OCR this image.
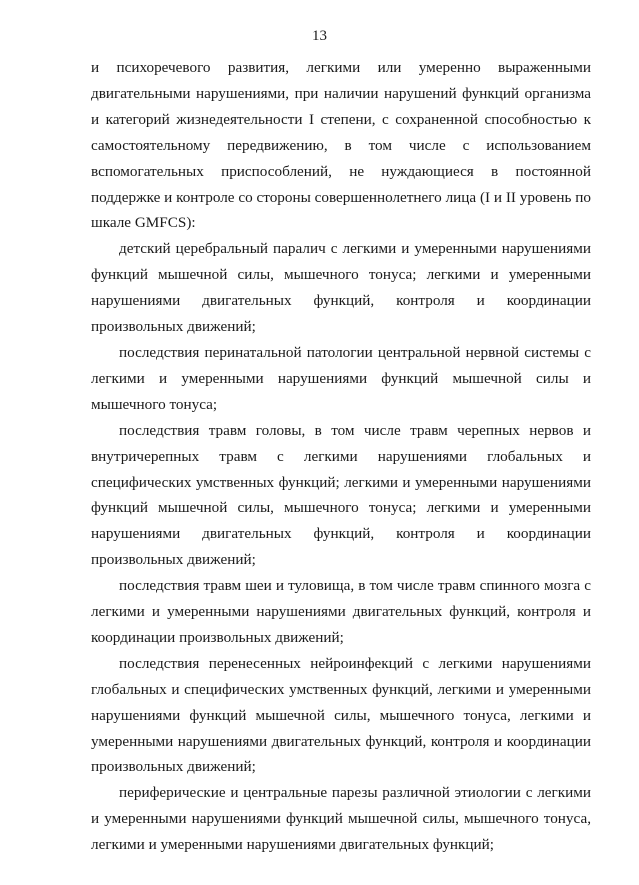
13

и психоречевого развития, легкими или умеренно выраженными двигательными нарушениями, при наличии нарушений функций организма и категорий жизнедеятельности I степени, с сохраненной способностью к самостоятельному передвижению, в том числе с использованием вспомогательных приспособлений, не нуждающиеся в постоянной поддержке и контроле со стороны совершеннолетнего лица (I и II уровень по шкале GMFCS):

детский церебральный паралич с легкими и умеренными нарушениями функций мышечной силы, мышечного тонуса; легкими и умеренными нарушениями двигательных функций, контроля и координации произвольных движений;

последствия перинатальной патологии центральной нервной системы с легкими и умеренными нарушениями функций мышечной силы и мышечного тонуса;

последствия травм головы, в том числе травм черепных нервов и внутричерепных травм с легкими нарушениями глобальных и специфических умственных функций; легкими и умеренными нарушениями функций мышечной силы, мышечного тонуса; легкими и умеренными нарушениями двигательных функций, контроля и координации произвольных движений;

последствия травм шеи и туловища, в том числе травм спинного мозга с легкими и умеренными нарушениями двигательных функций, контроля и координации произвольных движений;

последствия перенесенных нейроинфекций с легкими нарушениями глобальных и специфических умственных функций, легкими и умеренными нарушениями функций мышечной силы, мышечного тонуса, легкими и умеренными нарушениями двигательных функций, контроля и координации произвольных движений;

периферические и центральные парезы различной этиологии с легкими и умеренными нарушениями функций мышечной силы, мышечного тонуса, легкими и умеренными нарушениями двигательных функций;
